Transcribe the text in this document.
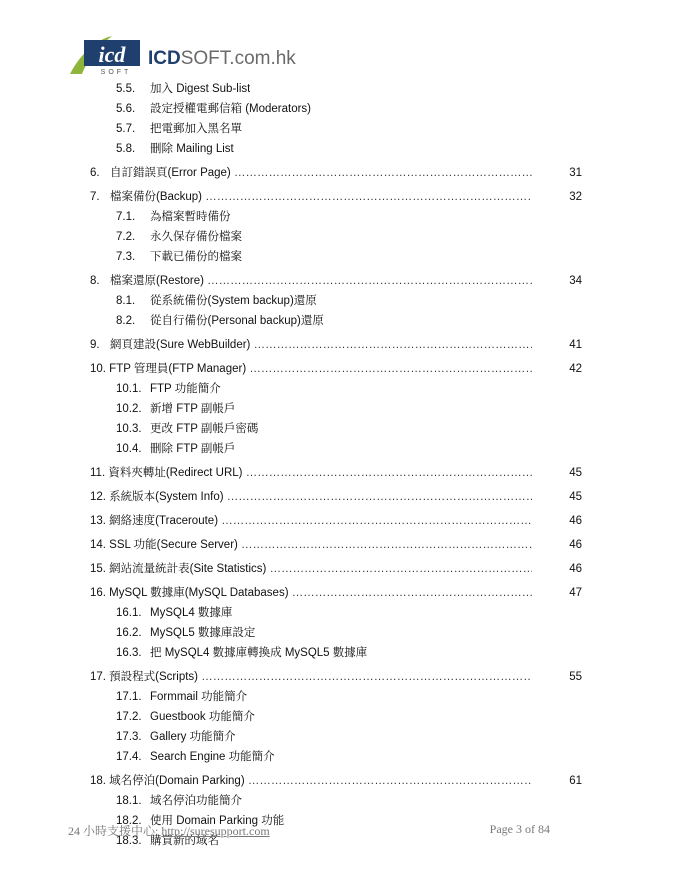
icd
SOFT
ICDSOFT.com.hk
5.5. 加入 Digest Sub-list
5.6. 設定授權電郵信箱 (Moderators)
5.7. 把電郵加入黑名單
5.8. 刪除 Mailing List
6. 自訂錯誤頁(Error Page) ……………………………………………………………………………………………………………………………………	31
7. 檔案備份(Backup) ……………………………………………………………………………………………………………………………………	32
7.1. 為檔案暫時備份
7.2. 永久保存備份檔案
7.3. 下載已備份的檔案
8. 檔案還原(Restore) ……………………………………………………………………………………………………………………………………	34
8.1. 從系統備份(System backup)還原
8.2. 從自行備份(Personal backup)還原
9. 網頁建設(Sure WebBuilder) ……………………………………………………………………………………………………………………………………	41
10. FTP 管理員(FTP Manager) ……………………………………………………………………………………………………………………………………	42
10.1. FTP 功能簡介
10.2. 新增 FTP 副帳戶
10.3. 更改 FTP 副帳戶密碼
10.4. 刪除 FTP 副帳戶
11. 資料夾轉址(Redirect URL) ……………………………………………………………………………………………………………………………………	45
12. 系統版本(System Info) ……………………………………………………………………………………………………………………………………	45
13. 網絡速度(Traceroute) ……………………………………………………………………………………………………………………………………	46
14. SSL 功能(Secure Server) ……………………………………………………………………………………………………………………………………	46
15. 網站流量統計表(Site Statistics) ……………………………………………………………………………………………………………………………………	46
16. MySQL 數據庫(MySQL Databases) ……………………………………………………………………………………………………………………………………	47
16.1. MySQL4 數據庫
16.2. MySQL5 數據庫設定
16.3. 把 MySQL4 數據庫轉換成 MySQL5 數據庫
17. 預設程式(Scripts) ……………………………………………………………………………………………………………………………………	55
17.1. Formmail 功能簡介
17.2. Guestbook 功能簡介
17.3. Gallery 功能簡介
17.4. Search Engine 功能簡介
18. 域名停泊(Domain Parking) ……………………………………………………………………………………………………………………………………	61
18.1. 域名停泊功能簡介
18.2. 使用 Domain Parking 功能
18.3. 購買新的域名
24 小時支援中心: http://suresupport.com	Page 3 of 84
